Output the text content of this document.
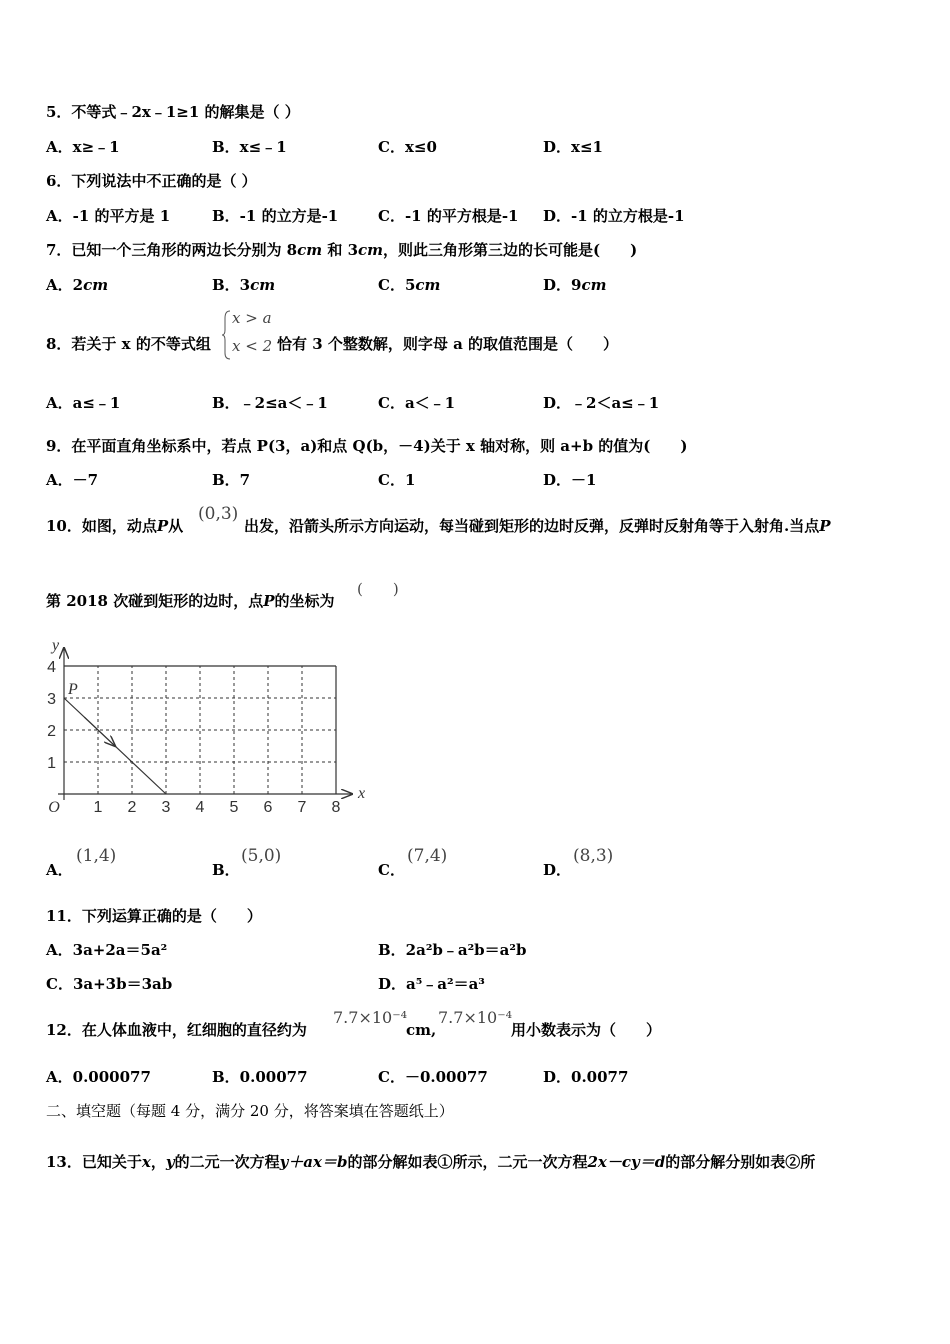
5．不等式﹣2x﹣1≥1 的解集是（ ）
A．x≥﹣1	B．x≤﹣1	C．x≤0	D．x≤1
6．下列说法中不正确的是（ ）
A．-1 的平方是 1	B．-1 的立方是-1	C．-1 的平方根是-1 D．-1 的立方根是-1
7．已知一个三角形的两边长分别为 8cm 和 3cm，则此三角形第三边的长可能是(　　)
A．2cm	B．3cm	C．5cm	D．9cm
8．若关于 x 的不等式组
x > a
x < 2 恰有 3 个整数解，则字母 a 的取值范围是（　　）
A．a≤﹣1	B．﹣2≤a＜﹣1	C．a＜﹣1	D．﹣2＜a≤﹣1
9．在平面直角坐标系中，若点 P(3，a)和点 Q(b，－4)关于 x 轴对称，则 a+b 的值为(　　)
A．－7	B．7	C．1	D．－1
10．如图，动点P从
(0,3)
出发，沿箭头所示方向运动，每当碰到矩形的边时反弹，反弹时反射角等于入射角.当点P
第 2018 次碰到矩形的边时，点P的坐标为
(　　)
1 2 3 4 5 6 7 8
1
2
3
4
O
x
y
P
A．
(1,4)
B．
(5,0)
C．
(7,4)
D．
(8,3)
11．下列运算正确的是（　　）
A．3a+2a＝5a²	B．2a²b﹣a²b＝a²b
C．3a+3b＝3ab	D．a⁵﹣a²＝a³
12．在人体血液中，红细胞的直径约为
7.7×10⁻⁴
cm,
7.7×10⁻⁴
用小数表示为（　　）
A．0.000077	B．0.00077	C．－0.00077	D．0.0077
二、填空题（每题 4 分，满分 20 分，将答案填在答题纸上）
13．已知关于x，y的二元一次方程y＋ax＝b的部分解如表①所示，二元一次方程2x－cy＝d的部分解分别如表②所
